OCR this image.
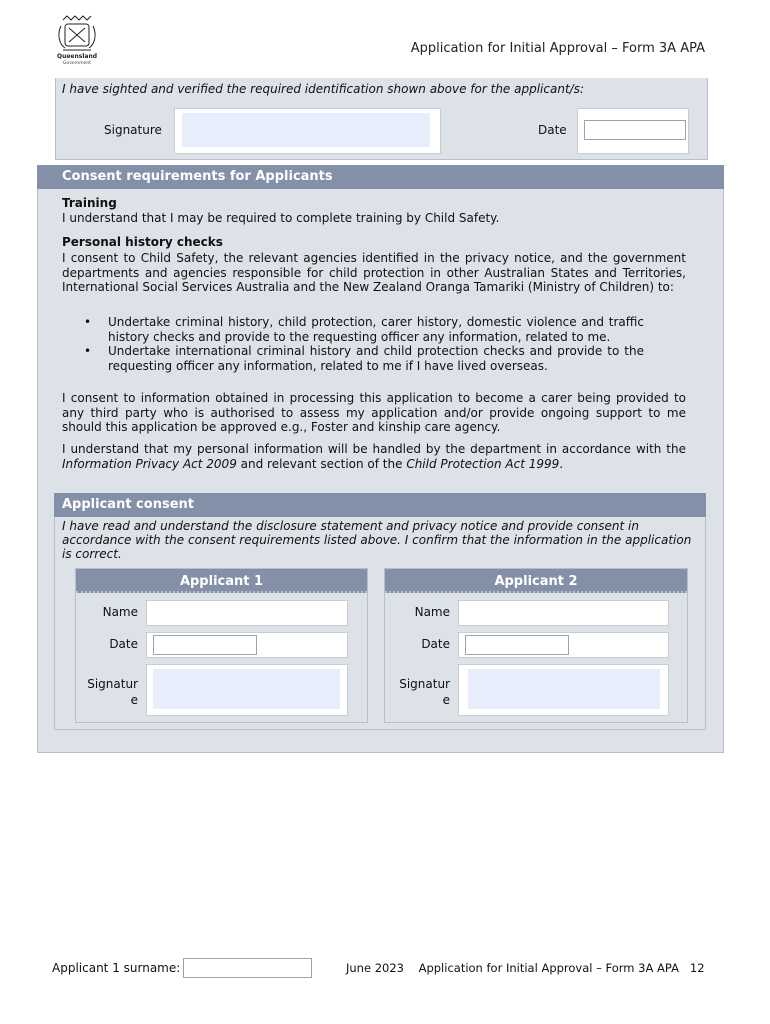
Queensland
Government
Application for Initial Approval – Form 3A APA
I have sighted and verified the required identification shown above for the applicant/s:
Signature	Date
Consent requirements for Applicants
Training
I understand that I may be required to complete training by Child Safety.
Personal history checks
I consent to Child Safety, the relevant agencies identified in the privacy notice, and the government departments and agencies responsible for child protection in other Australian States and Territories, International Social Services Australia and the New Zealand Oranga Tamariki (Ministry of Children) to:
•	Undertake criminal history, child protection, carer history, domestic violence and traffic history checks and provide to the requesting officer any information, related to me.
•	Undertake international criminal history and child protection checks and provide to the requesting officer any information, related to me if I have lived overseas.
I consent to information obtained in processing this application to become a carer being provided to any third party who is authorised to assess my application and/or provide ongoing support to me should this application be approved e.g., Foster and kinship care agency.
I understand that my personal information will be handled by the department in accordance with the Information Privacy Act 2009 and relevant section of the Child Protection Act 1999.
Applicant consent
I have read and understand the disclosure statement and privacy notice and provide consent in accordance with the consent requirements listed above. I confirm that the information in the application is correct.
Applicant 1
Name
Date
Signatur e
Applicant 2
Name
Date
Signatur e
Applicant 1 surname:	June 2023 Application for Initial Approval – Form 3A APA 12
